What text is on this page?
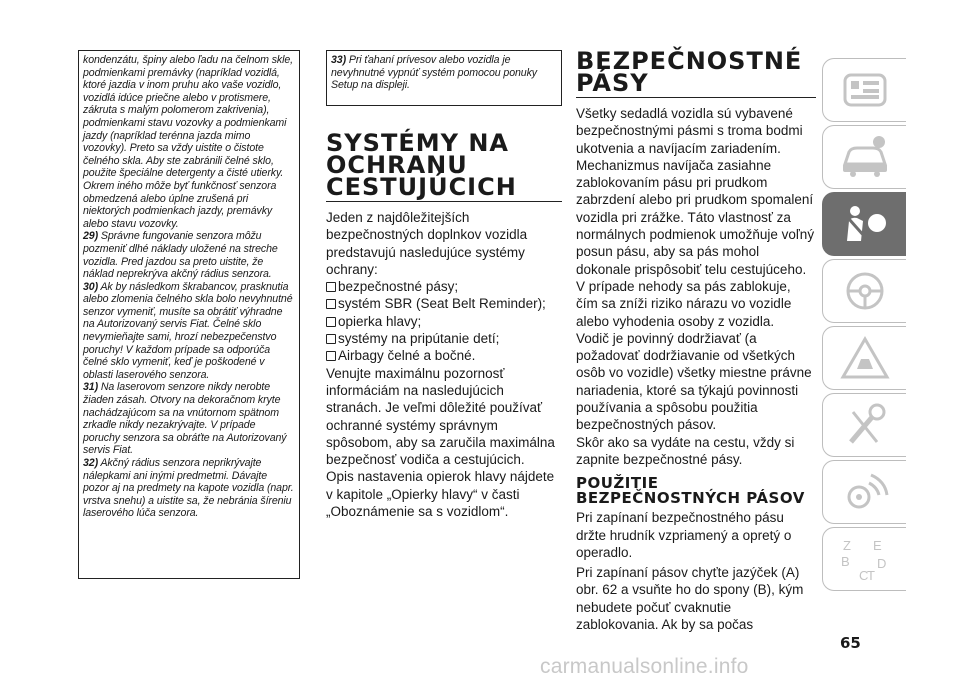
kondenzátu, špiny alebo ľadu na čelnom skle, podmienkami premávky (napríklad vozidlá, ktoré jazdia v inom pruhu ako vaše vozidlo, vozidlá idúce priečne alebo v protismere, zákruta s malým polomerom zakrivenia), podmienkami stavu vozovky a podmienkami jazdy (napríklad terénna jazda mimo vozovky). Preto sa vždy uistite o čistote čelného skla. Aby ste zabránili čelné sklo, použite špeciálne detergenty a čisté utierky. Okrem iného môže byť funkčnosť senzora obmedzená alebo úplne zrušená pri niektorých podmienkach jazdy, premávky alebo stavu vozovky.

29) Správne fungovanie senzora môžu pozmeniť dlhé náklady uložené na streche vozidla. Pred jazdou sa preto uistite, že náklad neprekrýva akčný rádius senzora.

30) Ak by následkom škrabancov, prasknutia alebo zlomenia čelného skla bolo nevyhnutné senzor vymeniť, musíte sa obrátiť výhradne na Autorizovaný servis Fiat. Čelné sklo nevymieňajte sami, hrozí nebezpečenstvo poruchy! V každom prípade sa odporúča čelné sklo vymeniť, keď je poškodené v oblasti laserového senzora.

31) Na laserovom senzore nikdy nerobte žiaden zásah. Otvory na dekoračnom kryte nachádzajúcom sa na vnútornom spätnom zrkadle nikdy nezakrývajte. V prípade poruchy senzora sa obráťte na Autorizovaný servis Fiat.

32) Akčný rádius senzora neprikrývajte nálepkami ani inými predmetmi. Dávajte pozor aj na predmety na kapote vozidla (napr. vrstva snehu) a uistite sa, že nebránia šíreniu laserového lúča senzora.

33) Pri ťahaní prívesov alebo vozidla je nevyhnutné vypnúť systém pomocou ponuky Setup na displeji.

SYSTÉMY NA OCHRANU CESTUJÚCICH

Jeden z najdôležitejších bezpečnostných doplnkov vozidla predstavujú nasledujúce systémy ochrany:

bezpečnostné pásy;
systém SBR (Seat Belt Reminder);
opierka hlavy;
systémy na pripútanie detí;
Airbagy čelné a bočné.

Venujte maximálnu pozornosť informáciám na nasledujúcich stranách. Je veľmi dôležité používať ochranné systémy správnym spôsobom, aby sa zaručila maximálna bezpečnosť vodiča a cestujúcich.

Opis nastavenia opierok hlavy nájdete v kapitole „Opierky hlavy“ v časti „Oboznámenie sa s vozidlom“.

BEZPEČNOSTNÉ PÁSY

Všetky sedadlá vozidla sú vybavené bezpečnostnými pásmi s troma bodmi ukotvenia a navíjacím zariadením. Mechanizmus navíjača zasiahne zablokovaním pásu pri prudkom zabrzdení alebo pri prudkom spomalení vozidla pri zrážke. Táto vlastnosť za normálnych podmienok umožňuje voľný posun pásu, aby sa pás mohol dokonale prispôsobiť telu cestujúceho. V prípade nehody sa pás zablokuje, čím sa zníži riziko nárazu vo vozidle alebo vyhodenia osoby z vozidla.

Vodič je povinný dodržiavať (a požadovať dodržiavanie od všetkých osôb vo vozidle) všetky miestne právne nariadenia, ktoré sa týkajú povinnosti používania a spôsobu použitia bezpečnostných pásov.

Skôr ako sa vydáte na cestu, vždy si zapnite bezpečnostné pásy.

POUŽITIE BEZPEČNOSTNÝCH PÁSOV

Pri zapínaní bezpečnostného pásu držte hrudník vzpriamený a opretý o operadlo.

Pri zapínaní pásov chyťte jazýček (A) obr. 62 a vsuňte ho do spony (B), kým nebudete počuť cvaknutie zablokovania. Ak by sa počas

Z E
B
C
D
T
65
carmanualsonline.info
